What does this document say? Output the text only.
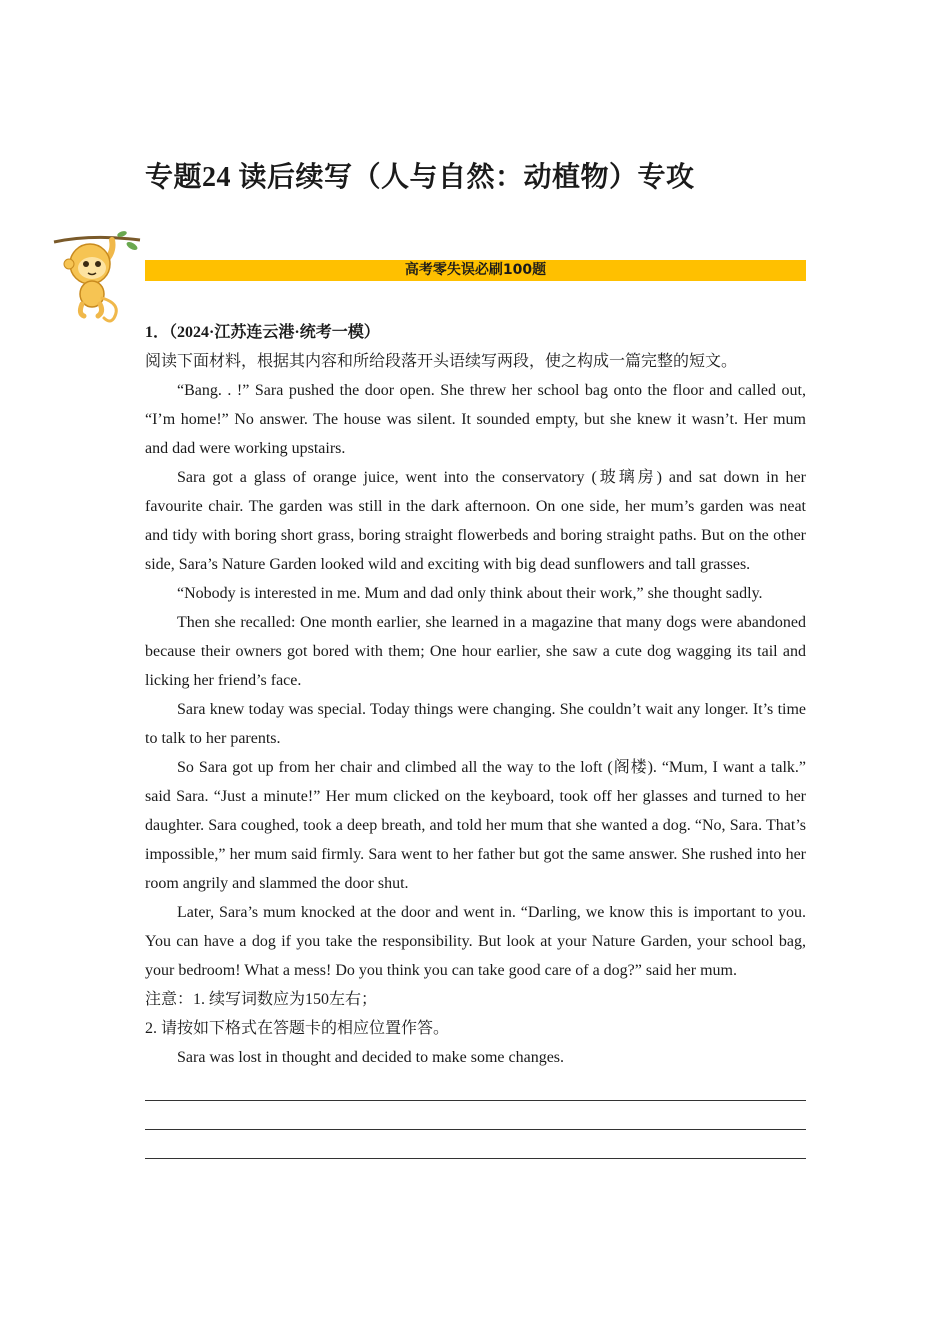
专题24 读后续写（人与自然：动植物）专攻
高考零失误必刷100题

1．（2024·江苏连云港·统考一模）

阅读下面材料，根据其内容和所给段落开头语续写两段，使之构成一篇完整的短文。

“Bang. . !” Sara pushed the door open. She threw her school bag onto the floor and called out, “I’m home!” No answer. The house was silent. It sounded empty, but she knew it wasn’t. Her mum and dad were working upstairs.

Sara got a glass of orange juice, went into the conservatory (玻璃房) and sat down in her favourite chair. The garden was still in the dark afternoon. On one side, her mum’s garden was neat and tidy with boring short grass, boring straight flowerbeds and boring straight paths. But on the other side, Sara’s Nature Garden looked wild and exciting with big dead sunflowers and tall grasses.

“Nobody is interested in me. Mum and dad only think about their work,” she thought sadly.

Then she recalled: One month earlier, she learned in a magazine that many dogs were abandoned because their owners got bored with them; One hour earlier, she saw a cute dog wagging its tail and licking her friend’s face.

Sara knew today was special. Today things were changing. She couldn’t wait any longer. It’s time to talk to her parents.

So Sara got up from her chair and climbed all the way to the loft (阁楼). “Mum, I want a talk.” said Sara. “Just a minute!” Her mum clicked on the keyboard, took off her glasses and turned to her daughter. Sara coughed, took a deep breath, and told her mum that she wanted a dog. “No, Sara. That’s impossible,” her mum said firmly. Sara went to her father but got the same answer. She rushed into her room angrily and slammed the door shut.

Later, Sara’s mum knocked at the door and went in. “Darling, we know this is important to you. You can have a dog if you take the responsibility. But look at your Nature Garden, your school bag, your bedroom! What a mess! Do you think you can take good care of a dog?” said her mum.

注意：1. 续写词数应为150左右；

2. 请按如下格式在答题卡的相应位置作答。

Sara was lost in thought and decided to make some changes.
